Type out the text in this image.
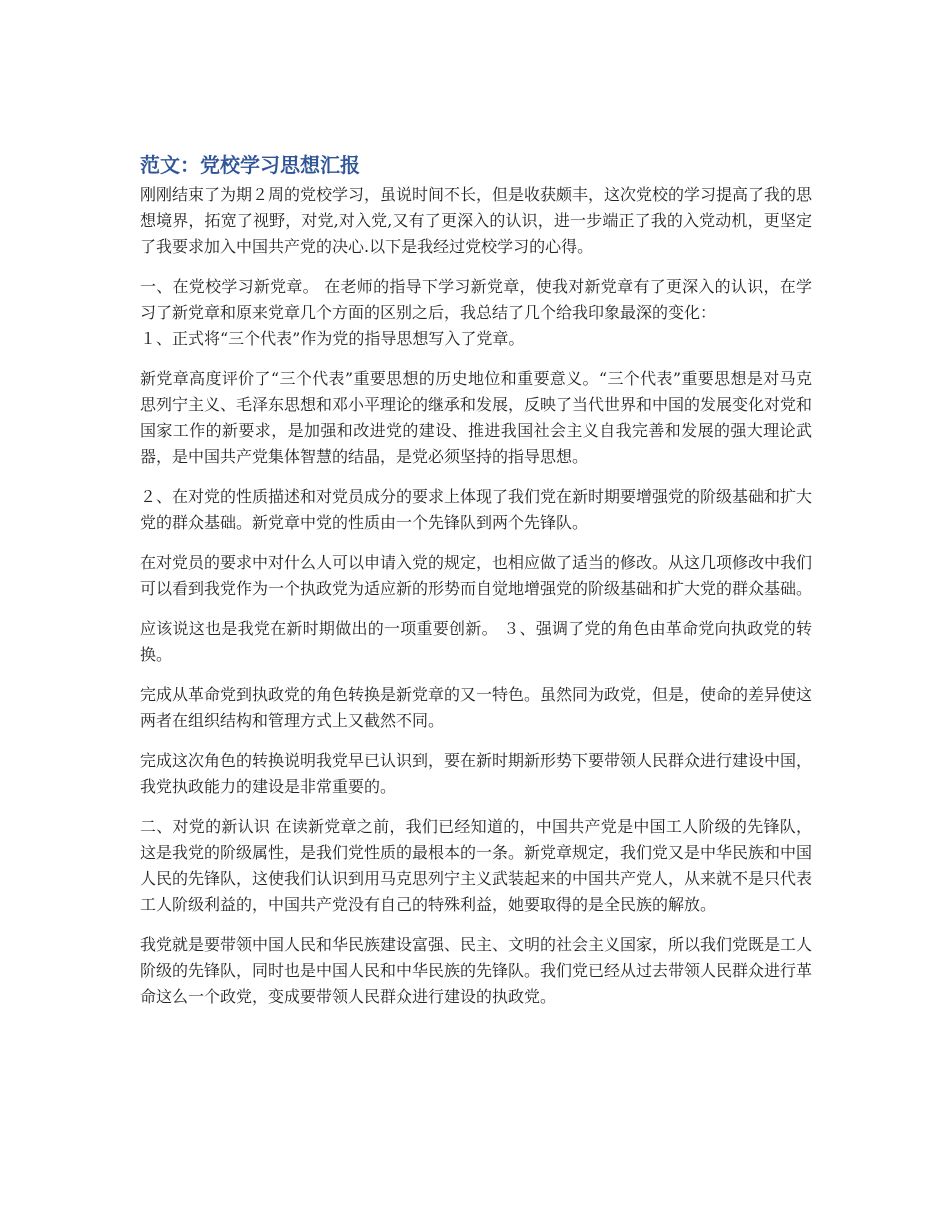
范文：党校学习思想汇报

刚刚结束了为期２周的党校学习，虽说时间不长，但是收获颇丰，这次党校的学习提高了我的思想境界，拓宽了视野，对党,对入党,又有了更深入的认识，进一步端正了我的入党动机，更坚定了我要求加入中国共产党的决心.以下是我经过党校学习的心得。

一、在党校学习新党章。 在老师的指导下学习新党章，使我对新党章有了更深入的认识，在学习了新党章和原来党章几个方面的区别之后，我总结了几个给我印象最深的变化：

１、正式将“三个代表”作为党的指导思想写入了党章。

新党章高度评价了“三个代表”重要思想的历史地位和重要意义。“三个代表”重要思想是对马克思列宁主义、毛泽东思想和邓小平理论的继承和发展，反映了当代世界和中国的发展变化对党和国家工作的新要求，是加强和改进党的建设、推进我国社会主义自我完善和发展的强大理论武器，是中国共产党集体智慧的结晶，是党必须坚持的指导思想。

２、在对党的性质描述和对党员成分的要求上体现了我们党在新时期要增强党的阶级基础和扩大党的群众基础。新党章中党的性质由一个先锋队到两个先锋队。

在对党员的要求中对什么人可以申请入党的规定，也相应做了适当的修改。从这几项修改中我们可以看到我党作为一个执政党为适应新的形势而自觉地增强党的阶级基础和扩大党的群众基础。

应该说这也是我党在新时期做出的一项重要创新。 ３、强调了党的角色由革命党向执政党的转换。

完成从革命党到执政党的角色转换是新党章的又一特色。虽然同为政党，但是，使命的差异使这两者在组织结构和管理方式上又截然不同。

完成这次角色的转换说明我党早已认识到，要在新时期新形势下要带领人民群众进行建设中国，我党执政能力的建设是非常重要的。

二、对党的新认识 在读新党章之前，我们已经知道的，中国共产党是中国工人阶级的先锋队，这是我党的阶级属性，是我们党性质的最根本的一条。新党章规定，我们党又是中华民族和中国人民的先锋队，这使我们认识到用马克思列宁主义武装起来的中国共产党人，从来就不是只代表工人阶级利益的，中国共产党没有自己的特殊利益，她要取得的是全民族的解放。

我党就是要带领中国人民和华民族建设富强、民主、文明的社会主义国家，所以我们党既是工人阶级的先锋队，同时也是中国人民和中华民族的先锋队。我们党已经从过去带领人民群众进行革命这么一个政党，变成要带领人民群众进行建设的执政党。
